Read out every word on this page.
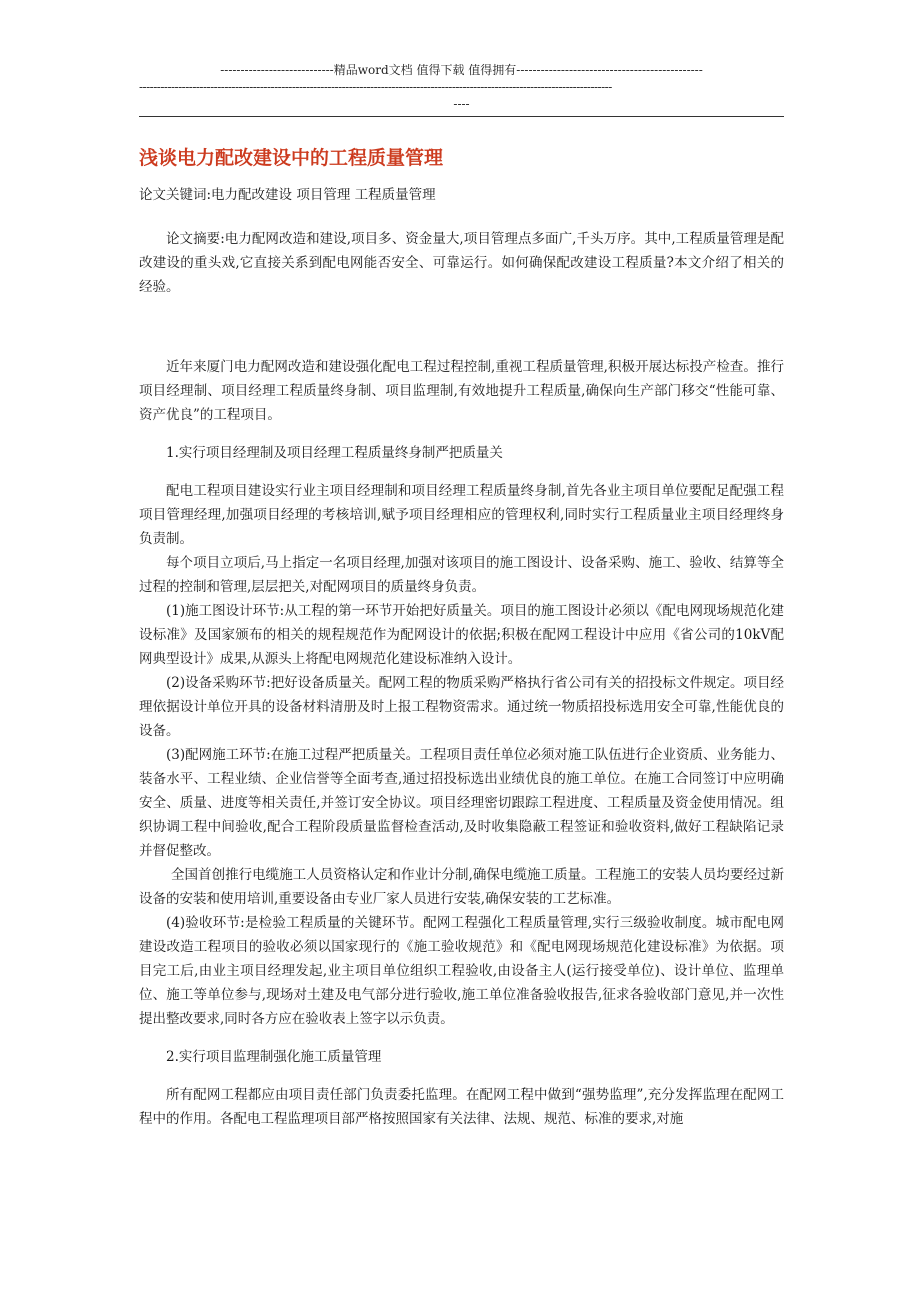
----------------------------精品word文档 值得下载 值得拥有----------------------------------------------
-------------------------------------------------------------------------------------------------------------------------------------
----
浅谈电力配改建设中的工程质量管理
论文关键词:电力配改建设 项目管理 工程质量管理

论文摘要:电力配网改造和建设,项目多、资金量大,项目管理点多面广,千头万序。其中,工程质量管理是配改建设的重头戏,它直接关系到配电网能否安全、可靠运行。如何确保配改建设工程质量?本文介绍了相关的经验。

近年来厦门电力配网改造和建设强化配电工程过程控制,重视工程质量管理,积极开展达标投产检查。推行项目经理制、项目经理工程质量终身制、项目监理制,有效地提升工程质量,确保向生产部门移交“性能可靠、资产优良”的工程项目。

1.实行项目经理制及项目经理工程质量终身制严把质量关

配电工程项目建设实行业主项目经理制和项目经理工程质量终身制,首先各业主项目单位要配足配强工程项目管理经理,加强项目经理的考核培训,赋予项目经理相应的管理权利,同时实行工程质量业主项目经理终身负责制。

每个项目立项后,马上指定一名项目经理,加强对该项目的施工图设计、设备采购、施工、验收、结算等全过程的控制和管理,层层把关,对配网项目的质量终身负责。

(1)施工图设计环节:从工程的第一环节开始把好质量关。项目的施工图设计必须以《配电网现场规范化建设标准》及国家颁布的相关的规程规范作为配网设计的依据;积极在配网工程设计中应用《省公司的10kV配网典型设计》成果,从源头上将配电网规范化建设标准纳入设计。

(2)设备采购环节:把好设备质量关。配网工程的物质采购严格执行省公司有关的招投标文件规定。项目经理依据设计单位开具的设备材料清册及时上报工程物资需求。通过统一物质招投标选用安全可靠,性能优良的设备。

(3)配网施工环节:在施工过程严把质量关。工程项目责任单位必须对施工队伍进行企业资质、业务能力、装备水平、工程业绩、企业信誉等全面考查,通过招投标选出业绩优良的施工单位。在施工合同签订中应明确安全、质量、进度等相关责任,并签订安全协议。项目经理密切跟踪工程进度、工程质量及资金使用情况。组织协调工程中间验收,配合工程阶段质量监督检查活动,及时收集隐蔽工程签证和验收资料,做好工程缺陷记录并督促整改。

全国首创推行电缆施工人员资格认定和作业计分制,确保电缆施工质量。工程施工的安装人员均要经过新设备的安装和使用培训,重要设备由专业厂家人员进行安装,确保安装的工艺标准。

(4)验收环节:是检验工程质量的关键环节。配网工程强化工程质量管理,实行三级验收制度。城市配电网建设改造工程项目的验收必须以国家现行的《施工验收规范》和《配电网现场规范化建设标准》为依据。项目完工后,由业主项目经理发起,业主项目单位组织工程验收,由设备主人(运行接受单位)、设计单位、监理单位、施工等单位参与,现场对土建及电气部分进行验收,施工单位准备验收报告,征求各验收部门意见,并一次性提出整改要求,同时各方应在验收表上签字以示负责。

2.实行项目监理制强化施工质量管理

所有配网工程都应由项目责任部门负责委托监理。在配网工程中做到“强势监理”,充分发挥监理在配网工程中的作用。各配电工程监理项目部严格按照国家有关法律、法规、规范、标准的要求,对施
